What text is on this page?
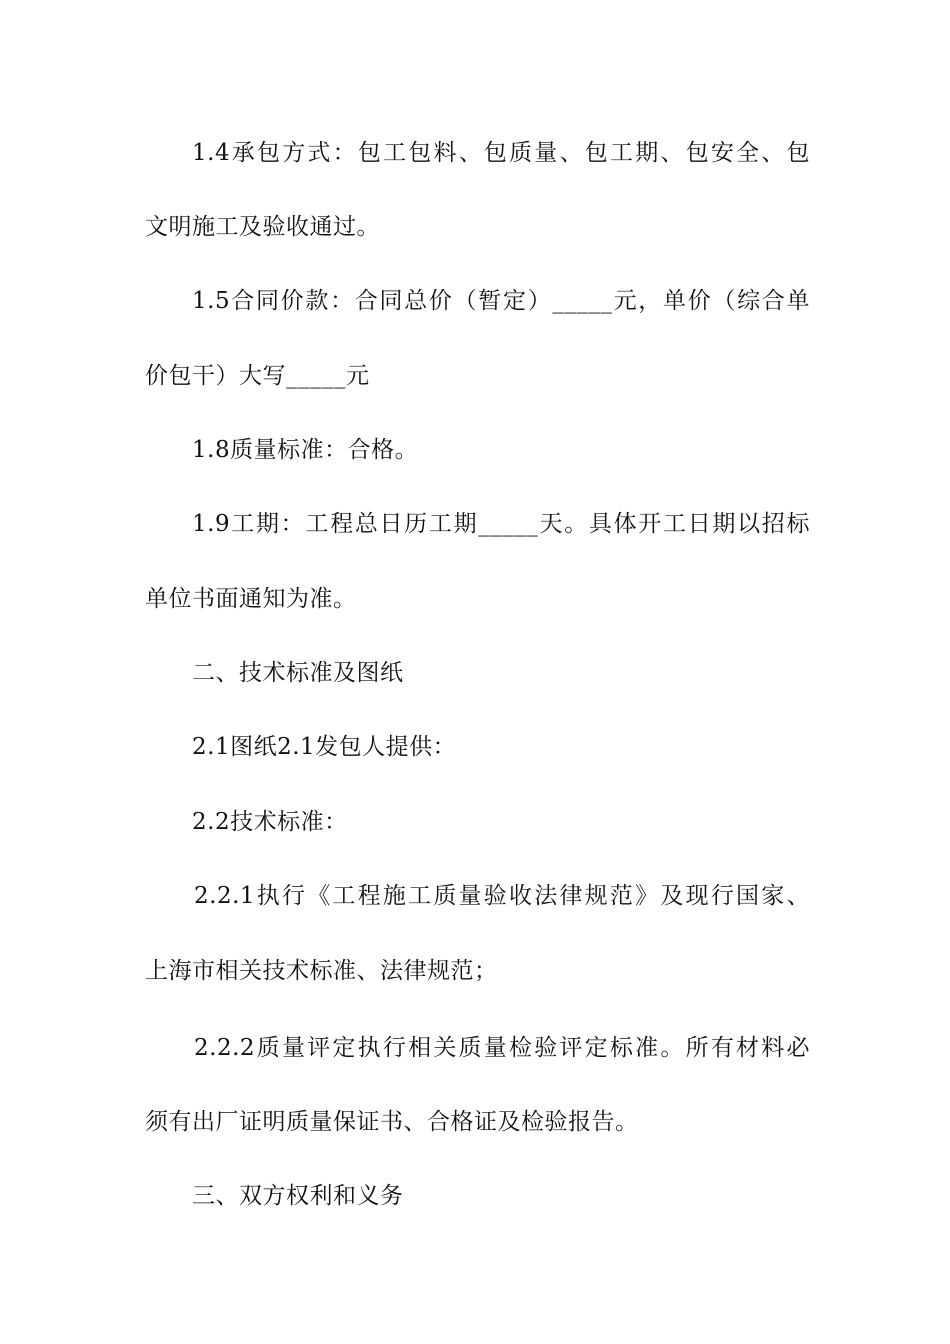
1.4承包方式：包工包料、包质量、包工期、包安全、包
文明施工及验收通过。
1.5合同价款：合同总价（暂定）_____元，单价（综合单
价包干）大写_____元
1.8质量标准：合格。
1.9工期：工程总日历工期_____天。具体开工日期以招标
单位书面通知为准。
二、技术标准及图纸
2.1图纸2.1发包人提供：
2.2技术标准：
2.2.1执行《工程施工质量验收法律规范》及现行国家、
上海市相关技术标准、法律规范；
2.2.2质量评定执行相关质量检验评定标准。所有材料必
须有出厂证明质量保证书、合格证及检验报告。
三、双方权利和义务
